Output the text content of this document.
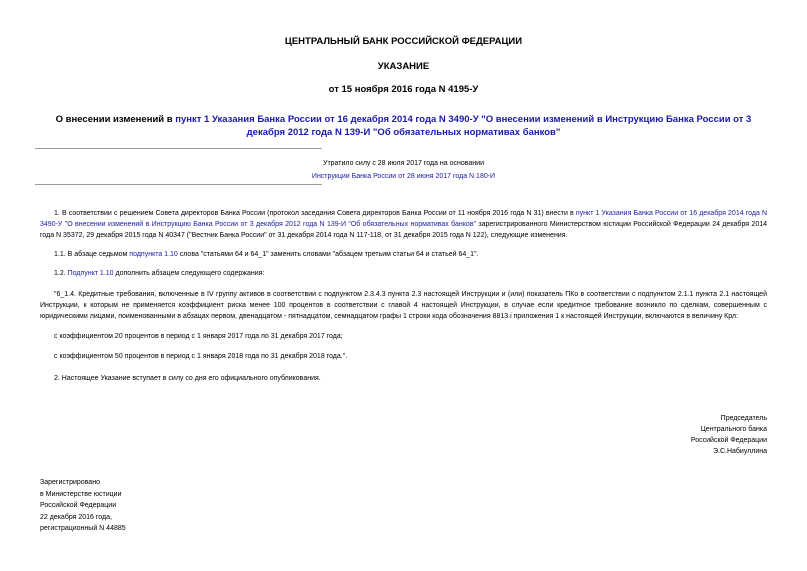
ЦЕНТРАЛЬНЫЙ БАНК РОССИЙСКОЙ ФЕДЕРАЦИИ
УКАЗАНИЕ
от 15 ноября 2016 года N 4195-У
О внесении изменений в пункт 1 Указания Банка России от 16 декабря 2014 года N 3490-У "О внесении изменений в Инструкцию Банка России от 3 декабря 2012 года N 139-И "Об обязательных нормативах банков"
Утратило силу с 28 июля 2017 года на основании
Инструкции Банка России от 28 июня 2017 года N 180-И
1. В соответствии с решением Совета директоров Банка России (протокол заседания Совета директоров Банка России от 11 ноября 2016 года N 31) внести в пункт 1 Указания Банка России от 16 декабря 2014 года N 3490-У "О внесении изменений в Инструкцию Банка России от 3 декабря 2012 года N 139-И "Об обязательных нормативах банков" зарегистрированного Министерством юстиции Российской Федерации 24 декабря 2014 года N 35372, 29 декабря 2015 года N 40347 ("Вестник Банка России" от 31 декабря 2014 года N 117-118, от 31 декабря 2015 года N 122), следующие изменения.
1.1. В абзаце седьмом подпункта 1.10 слова "статьями 64 и 64_1" заменить словами "абзацем третьим статьи 64 и статьей 64_1".
1.2. Подпункт 1.10 дополнить абзацем следующего содержания:
"6_1.4. Кредитные требования, включенные в IV группу активов в соответствии с подпунктом 2.3.4.3 пункта 2.3 настоящей Инструкции и (или) показатель ПКо в соответствии с подпунктом 2.1.1 пункта 2.1 настоящей Инструкции, к которым не применяется коэффициент риска менее 100 процентов в соответствии с главой 4 настоящей Инструкции, в случае если кредитное требование возникло по сделкам, совершенным с юридическими лицами, поименованными в абзацах первом, двенадцатом - пятнадцатом, семнадцатом графы 1 строки кода обозначения 8813.i приложения 1 к настоящей Инструкции, включаются в величину Крл:
с коэффициентом 20 процентов в период с 1 января 2017 года по 31 декабря 2017 года;
с коэффициентом 50 процентов в период с 1 января 2018 года по 31 декабря 2018 года.".
2. Настоящее Указание вступает в силу со дня его официального опубликования.
Председатель
Центрального банка
Российской Федерации
Э.С.Набиуллина
Зарегистрировано
в Министерстве юстиции
Российской Федерации
22 декабря 2016 года,
регистрационный N 44885
